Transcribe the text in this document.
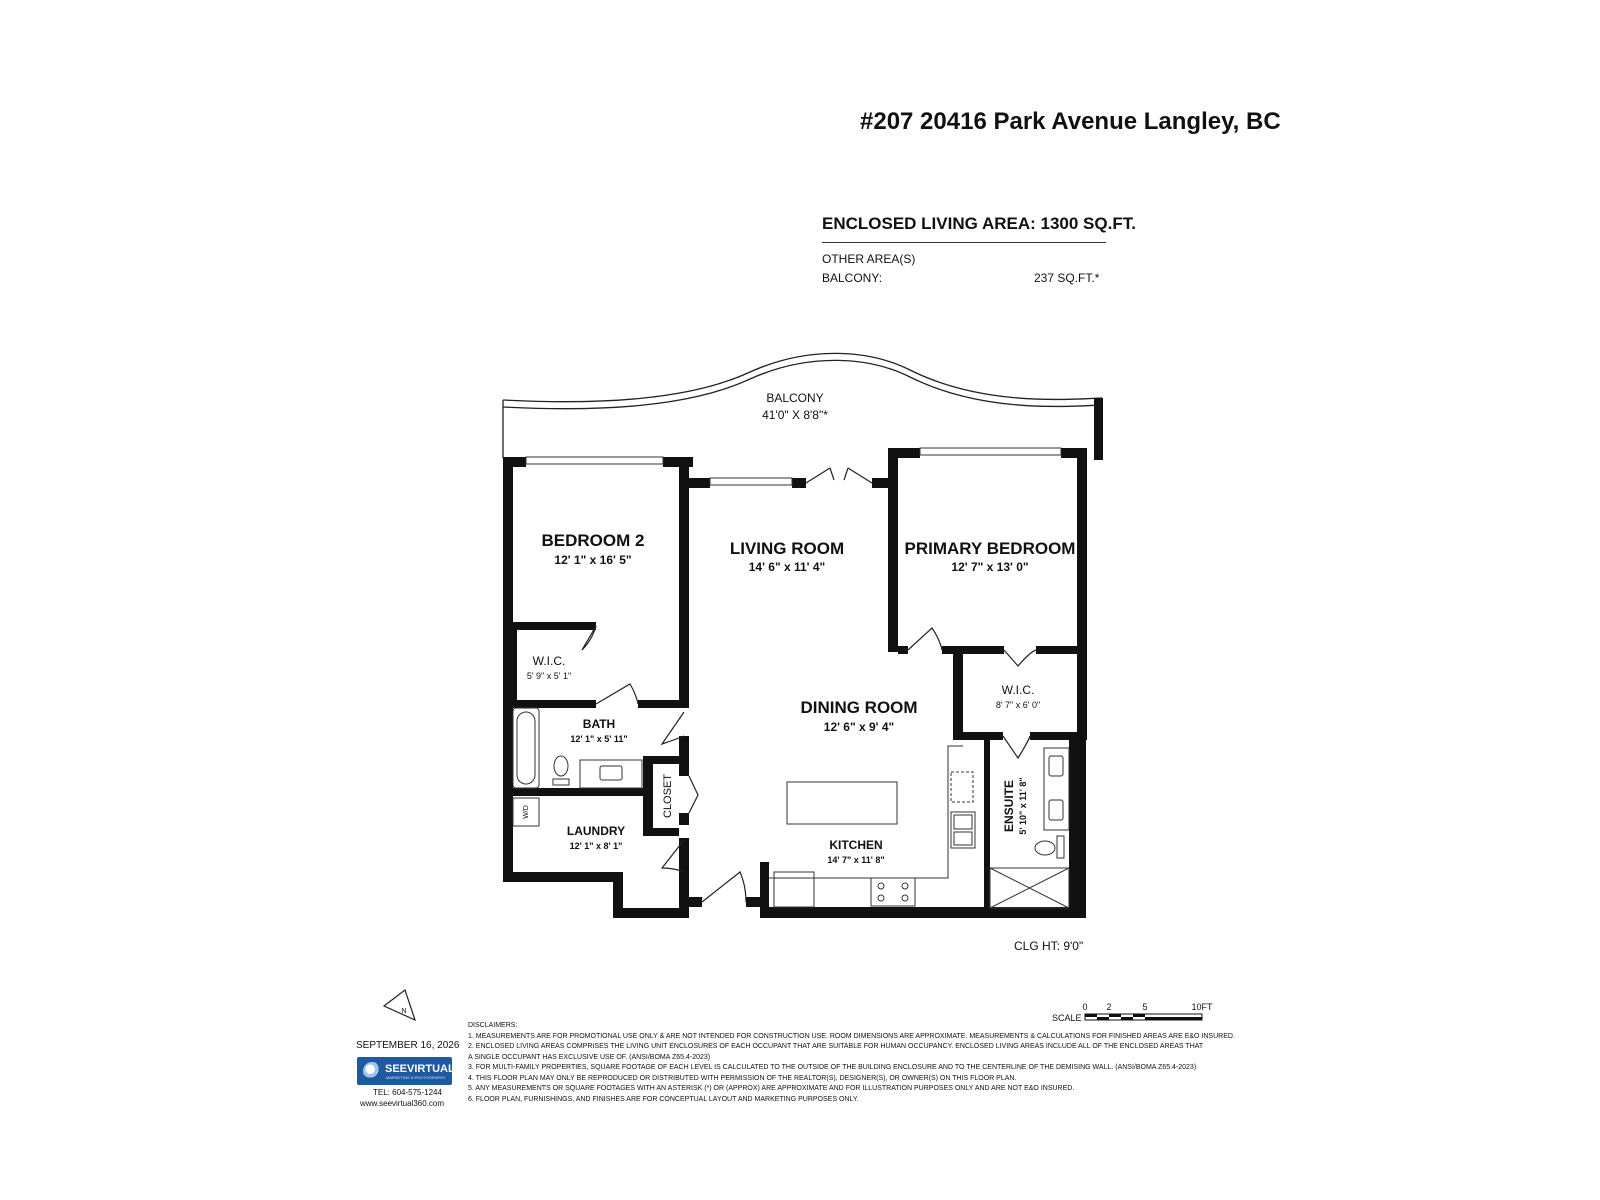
#207 20416 Park Avenue Langley, BC
ENCLOSED LIVING AREA: 1300 SQ.FT.
OTHER AREA(S)
BALCONY:	237 SQ.FT.*
BALCONY
41'0" X 8'8"*
BEDROOM 2
12' 1" x 16' 5"
LIVING ROOM
14' 6" x 11' 4"
PRIMARY BEDROOM
12' 7" x 13' 0"
W.I.C.
5' 9" x 5' 1"
W.I.C.
8' 7" x 6' 0"
BATH
12' 1" x 5' 11"
DINING ROOM
12' 6" x 9' 4"
CLOSET	ENSUITE 5' 10" x 11' 8"
W/D
LAUNDRY
12' 1" x 8' 1"	KITCHEN
14' 7" x 11' 8"
N
SCALE
0 2	5	10FT
CLG HT: 9'0"
SEPTEMBER 16, 2026
SEEVIRTUAL
MARKETING & PHOTOGRAPHY
TEL: 604-575-1244
www.seevirtual360.com
DISCLAIMERS:
1. MEASUREMENTS ARE FOR PROMOTIONAL USE ONLY & ARE NOT INTENDED FOR CONSTRUCTION USE. ROOM DIMENSIONS ARE APPROXIMATE. MEASUREMENTS & CALCULATIONS FOR FINISHED AREAS ARE E&O INSURED.
2. ENCLOSED LIVING AREAS COMPRISES THE LIVING UNIT ENCLOSURES OF EACH OCCUPANT THAT ARE SUITABLE FOR HUMAN OCCUPANCY. ENCLOSED LIVING AREAS INCLUDE ALL OF THE ENCLOSED AREAS THAT
A SINGLE OCCUPANT HAS EXCLUSIVE USE OF. (ANSI/BOMA Z65.4-2023)
3. FOR MULTI-FAMILY PROPERTIES, SQUARE FOOTAGE OF EACH LEVEL IS CALCULATED TO THE OUTSIDE OF THE BUILDING ENCLOSURE AND TO THE CENTERLINE OF THE DEMISING WALL. (ANSI/BOMA Z65.4-2023)
4. THIS FLOOR PLAN MAY ONLY BE REPRODUCED OR DISTRIBUTED WITH PERMISSION OF THE REALTOR(S), DESIGNER(S), OR OWNER(S) ON THIS FLOOR PLAN.
5. ANY MEASUREMENTS OR SQUARE FOOTAGES WITH AN ASTERISK (*) OR (APPROX) ARE APPROXIMATE AND FOR ILLUSTRATION PURPOSES ONLY AND ARE NOT E&O INSURED.
6. FLOOR PLAN, FURNISHINGS, AND FINISHES ARE FOR CONCEPTUAL LAYOUT AND MARKETING PURPOSES ONLY.
